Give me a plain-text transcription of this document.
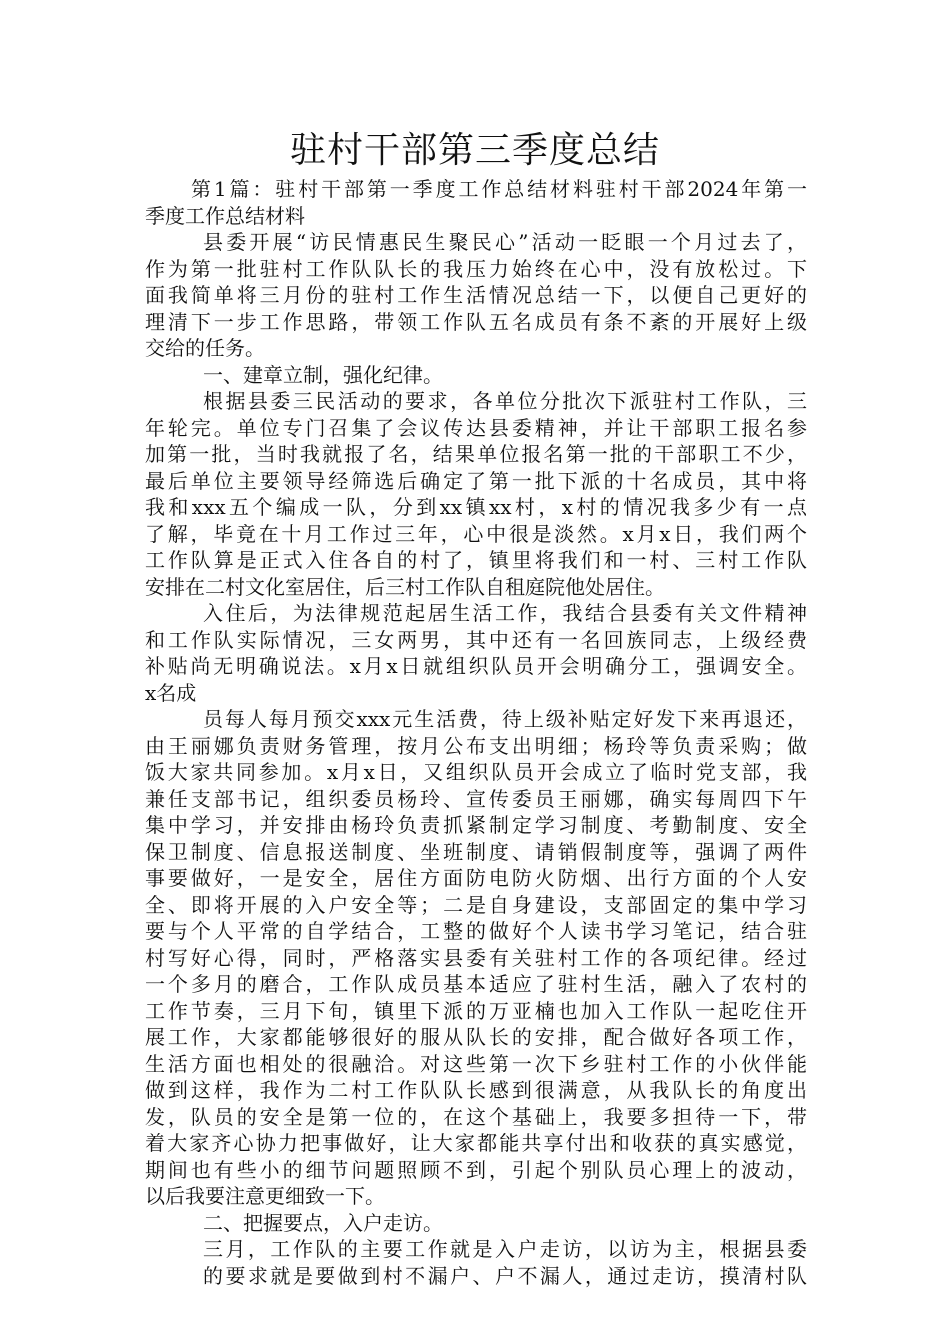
驻村干部第三季度总结
第1篇：驻村干部第一季度工作总结材料驻村干部2024年第一
季度工作总结材料
县委开展“访民情惠民生聚民心”活动一眨眼一个月过去了，
作为第一批驻村工作队队长的我压力始终在心中，没有放松过。下
面我简单将三月份的驻村工作生活情况总结一下，以便自己更好的
理清下一步工作思路，带领工作队五名成员有条不紊的开展好上级
交给的任务。
一、建章立制，强化纪律。
根据县委三民活动的要求，各单位分批次下派驻村工作队，三
年轮完。单位专门召集了会议传达县委精神，并让干部职工报名参
加第一批，当时我就报了名，结果单位报名第一批的干部职工不少，
最后单位主要领导经筛选后确定了第一批下派的十名成员，其中将
我和xxx五个编成一队，分到xx镇xx村，x村的情况我多少有一点
了解，毕竟在十月工作过三年，心中很是淡然。x月x日，我们两个
工作队算是正式入住各自的村了，镇里将我们和一村、三村工作队
安排在二村文化室居住，后三村工作队自租庭院他处居住。
入住后，为法律规范起居生活工作，我结合县委有关文件精神
和工作队实际情况，三女两男，其中还有一名回族同志，上级经费
补贴尚无明确说法。x月x日就组织队员开会明确分工，强调安全。
x名成
员每人每月预交xxx元生活费，待上级补贴定好发下来再退还，
由王丽娜负责财务管理，按月公布支出明细；杨玲等负责采购；做
饭大家共同参加。x月x日，又组织队员开会成立了临时党支部，我
兼任支部书记，组织委员杨玲、宣传委员王丽娜，确实每周四下午
集中学习，并安排由杨玲负责抓紧制定学习制度、考勤制度、安全
保卫制度、信息报送制度、坐班制度、请销假制度等，强调了两件
事要做好，一是安全，居住方面防电防火防烟、出行方面的个人安
全、即将开展的入户安全等；二是自身建设，支部固定的集中学习
要与个人平常的自学结合，工整的做好个人读书学习笔记，结合驻
村写好心得，同时，严格落实县委有关驻村工作的各项纪律。经过
一个多月的磨合，工作队成员基本适应了驻村生活，融入了农村的
工作节奏，三月下旬，镇里下派的万亚楠也加入工作队一起吃住开
展工作，大家都能够很好的服从队长的安排，配合做好各项工作，
生活方面也相处的很融洽。对这些第一次下乡驻村工作的小伙伴能
做到这样，我作为二村工作队队长感到很满意，从我队长的角度出
发，队员的安全是第一位的，在这个基础上，我要多担待一下，带
着大家齐心协力把事做好，让大家都能共享付出和收获的真实感觉，
期间也有些小的细节问题照顾不到，引起个别队员心理上的波动，
以后我要注意更细致一下。
二、把握要点，入户走访。
三月，工作队的主要工作就是入户走访，以访为主，根据县委
的要求就是要做到村不漏户、户不漏人，通过走访，摸清村队
